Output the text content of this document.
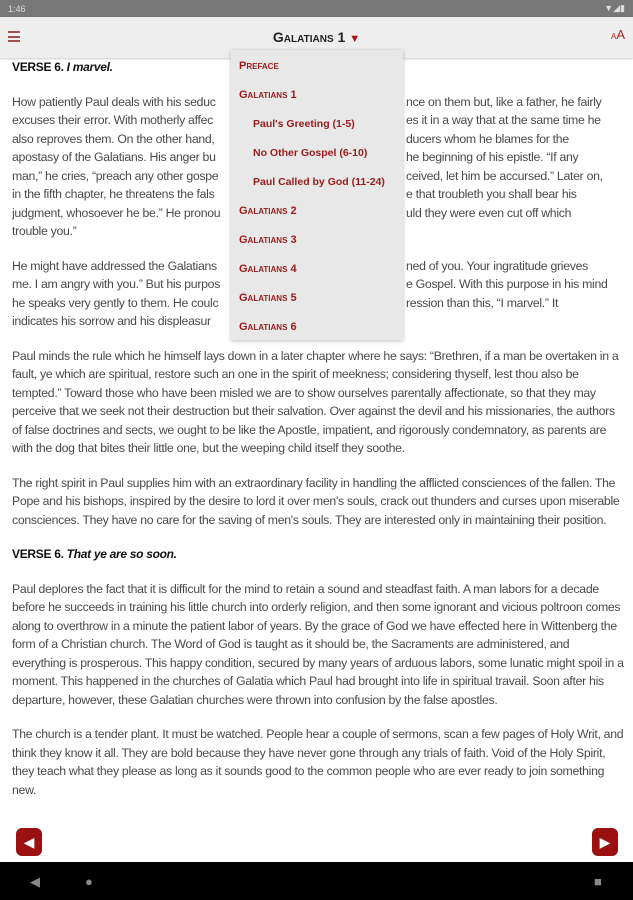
1:46	▼◢▮
Galatians 1 ▼	AA
VERSE 6. I marvel.
How patiently Paul deals with his seduc	nce on them but, like a father, he fairly
excuses their error. With motherly affec	es it in a way that at the same time he
also reproves them. On the other hand,	ducers whom he blames for the
apostasy of the Galatians. His anger bu	he beginning of his epistle. “If any
man,” he cries, “preach any other gospe	ceived, let him be accursed.” Later on,
in the fifth chapter, he threatens the fals	e that troubleth you shall bear his
judgment, whosoever he be.” He pronou	uld they were even cut off which
trouble you.”
He might have addressed the Galatians	ned of you. Your ingratitude grieves
me. I am angry with you.” But his purpos	e Gospel. With this purpose in his mind
he speaks very gently to them. He coulc	ression than this, “I marvel.” It
indicates his sorrow and his displeasur
Paul minds the rule which he himself lays down in a later chapter where he says: “Brethren, if a man be overtaken in a fault, ye which are spiritual, restore such an one in the spirit of meekness; considering thyself, lest thou also be tempted.” Toward those who have been misled we are to show ourselves parentally affectionate, so that they may perceive that we seek not their destruction but their salvation. Over against the devil and his missionaries, the authors of false doctrines and sects, we ought to be like the Apostle, impatient, and rigorously condemnatory, as parents are with the dog that bites their little one, but the weeping child itself they soothe.
The right spirit in Paul supplies him with an extraordinary facility in handling the afflicted consciences of the fallen. The Pope and his bishops, inspired by the desire to lord it over men's souls, crack out thunders and curses upon miserable consciences. They have no care for the saving of men's souls. They are interested only in maintaining their position.
VERSE 6. That ye are so soon.
Paul deplores the fact that it is difficult for the mind to retain a sound and steadfast faith. A man labors for a decade before he succeeds in training his little church into orderly religion, and then some ignorant and vicious poltroon comes along to overthrow in a minute the patient labor of years. By the grace of God we have effected here in Wittenberg the form of a Christian church. The Word of God is taught as it should be, the Sacraments are administered, and everything is prosperous. This happy condition, secured by many years of arduous labors, some lunatic might spoil in a moment. This happened in the churches of Galatia which Paul had brought into life in spiritual travail. Soon after his departure, however, these Galatian churches were thrown into confusion by the false apostles.
The church is a tender plant. It must be watched. People hear a couple of sermons, scan a few pages of Holy Writ, and think they know it all. They are bold because they have never gone through any trials of faith. Void of the Holy Spirit, they teach what they please as long as it sounds good to the common people who are ever ready to join something new.
Preface
Galatians 1
Paul's Greeting (1-5)
No Other Gospel (6-10)
Paul Called by God (11-24)
Galatians 2
Galatians 3
Galatians 4
Galatians 5
Galatians 6
◀	▶
◀	●	■
